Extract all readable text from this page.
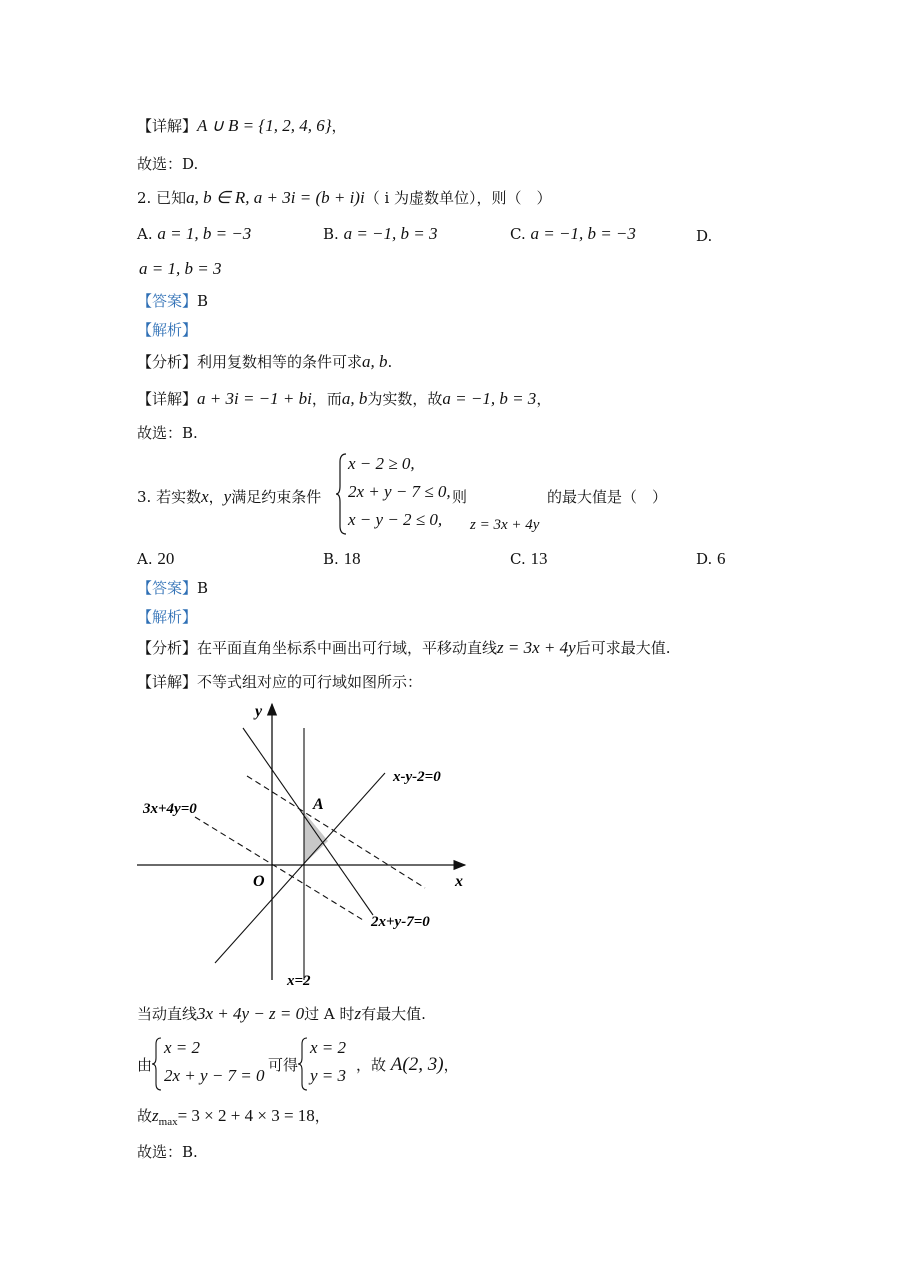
【详解】A ∪ B = {1, 2, 4, 6}，
故选：D.
2. 已知a, b ∈ R, a + 3i = (b + i)i（ i 为虚数单位），则（　）
A. a = 1, b = −3	B. a = −1, b = 3	C. a = −1, b = −3	D.
a = 1, b = 3
【答案】B
【解析】
【分析】利用复数相等的条件可求a, b.
【详解】a + 3i = −1 + bi，而a, b为实数，故a = −1, b = 3，
故选：B.
3. 若实数x，y满足约束条件
x − 2 ≥ 0,
2x + y − 7 ≤ 0,
x − y − 2 ≤ 0,
则	的最大值是（　）
z = 3x + 4y
A. 20	B. 18	C. 13	D. 6
【答案】B
【解析】
【分析】在平面直角坐标系中画出可行域，平移动直线z = 3x + 4y后可求最大值.
【详解】不等式组对应的可行域如图所示：
y
x
O
A
x-y-2=0
3x+4y=0
2x+y-7=0
x=2
当动直线3x + 4y − z = 0过 A 时z有最大值.
由
x = 2
2x + y − 7 = 0
可得
x = 2
y = 3
，故 A(2, 3)，
故$z_{max}= 3 \times 2 + 4 \times 3 = 18$，
故选：B.
